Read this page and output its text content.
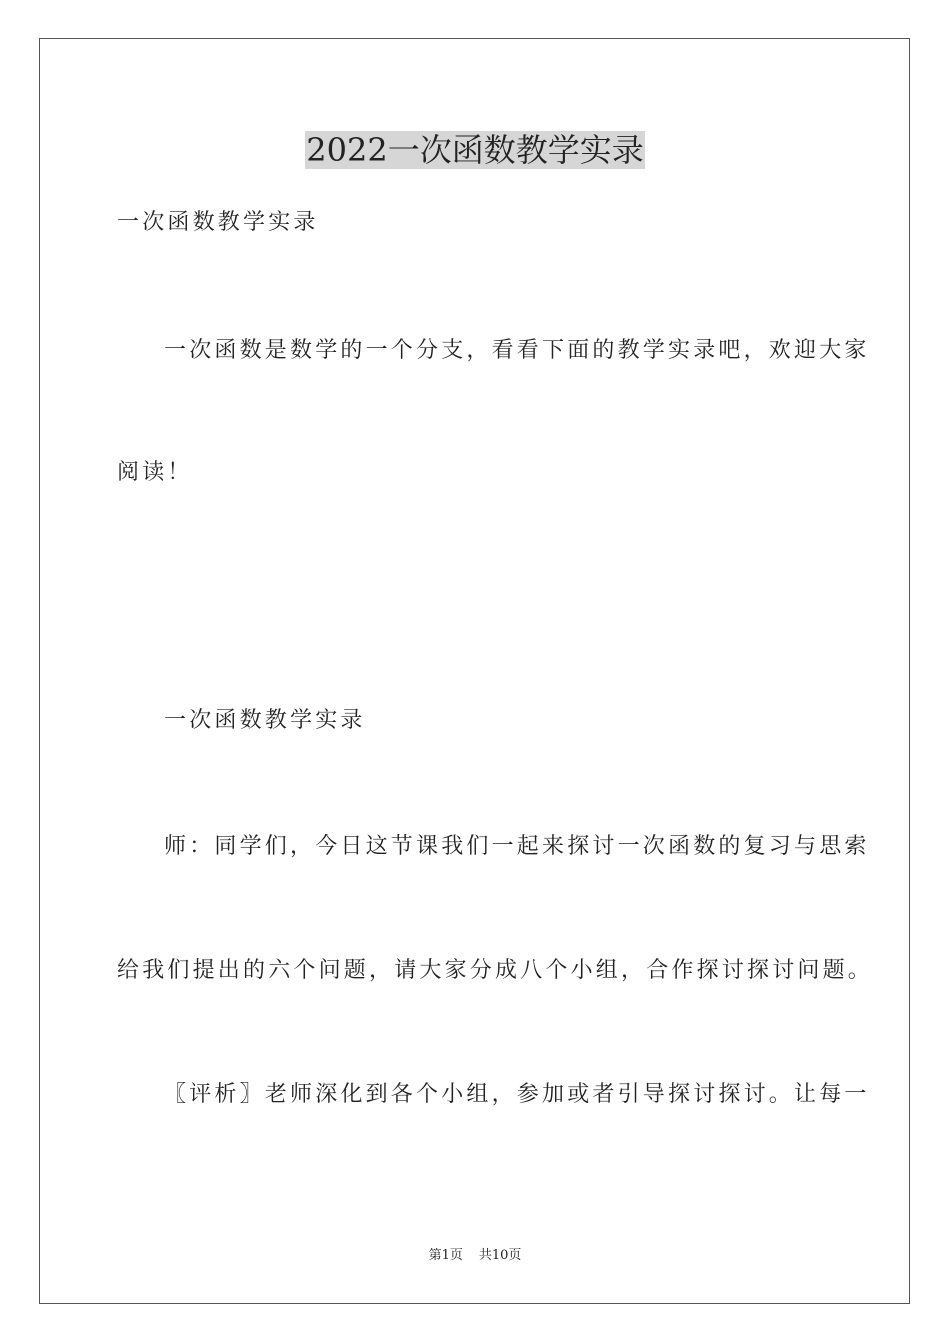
2022一次函数教学实录
一次函数教学实录
一次函数是数学的一个分支，看看下面的教学实录吧，欢迎大家
阅读！
一次函数教学实录
师：同学们，今日这节课我们一起来探讨一次函数的复习与思索
给我们提出的六个问题，请大家分成八个小组，合作探讨探讨问题。
〖评析〗老师深化到各个小组，参加或者引导探讨探讨。让每一
第1页 共10页
